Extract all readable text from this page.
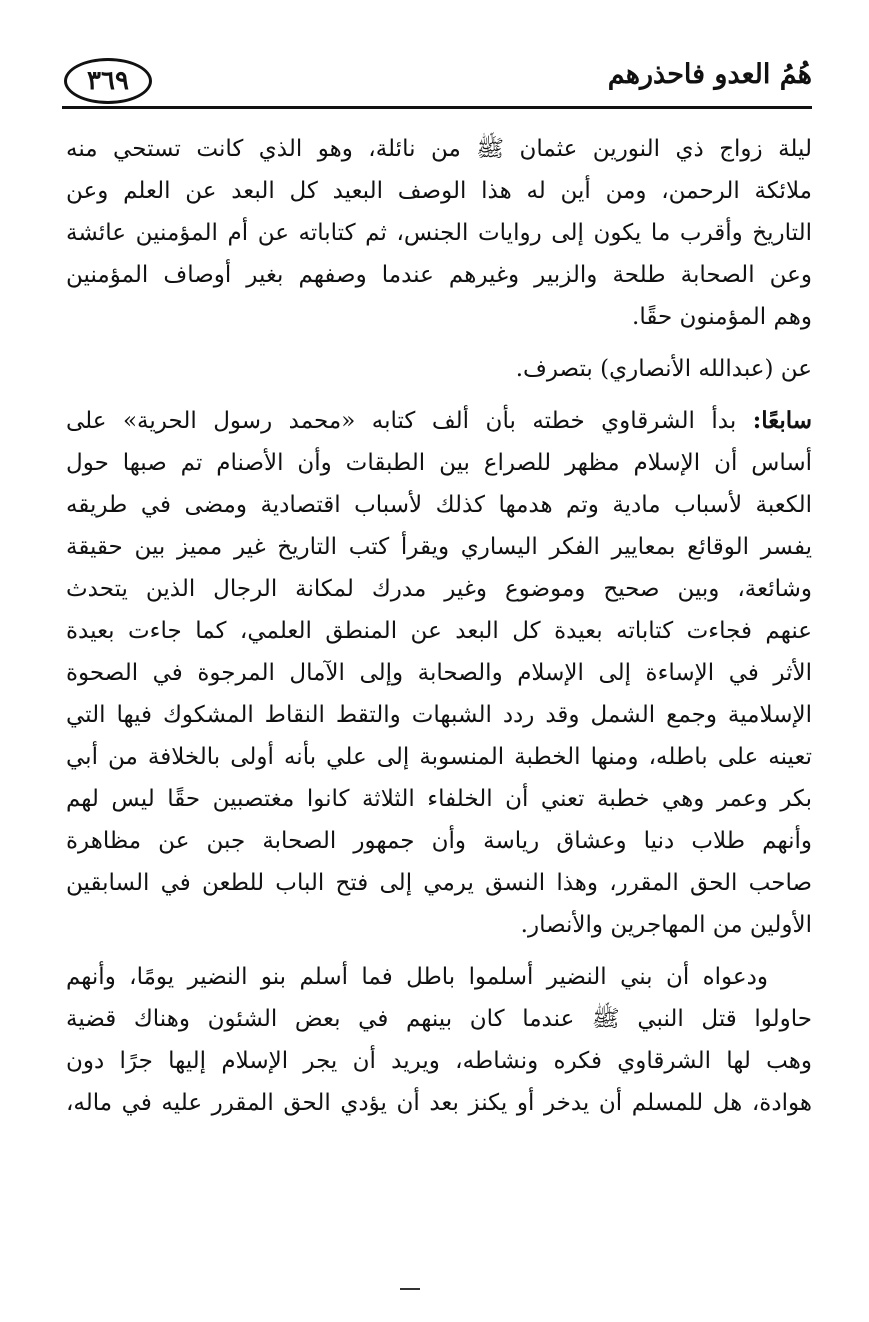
هُمُ العدو فاحذرهم
٣٦٩
ليلة زواج ذي النورين عثمان ﷺ من نائلة، وهو الذي كانت تستحي منه
ملائكة الرحمن، ومن أين له هذا الوصف البعيد كل البعد عن العلم وعن
التاريخ وأقرب ما يكون إلى روايات الجنس، ثم كتاباته عن أم المؤمنين عائشة
وعن الصحابة طلحة والزبير وغيرهم عندما وصفهم بغير أوصاف المؤمنين
وهم المؤمنون حقًا.
عن (عبدالله الأنصاري) بتصرف.
سابعًا: بدأ الشرقاوي خطته بأن ألف كتابه «محمد رسول الحرية» على
أساس أن الإسلام مظهر للصراع بين الطبقات وأن الأصنام تم صبها حول
الكعبة لأسباب مادية وتم هدمها كذلك لأسباب اقتصادية ومضى في طريقه
يفسر الوقائع بمعايير الفكر اليساري ويقرأ كتب التاريخ غير مميز بين حقيقة
وشائعة، وبين صحيح وموضوع وغير مدرك لمكانة الرجال الذين يتحدث
عنهم فجاءت كتاباته بعيدة كل البعد عن المنطق العلمي، كما جاءت بعيدة
الأثر في الإساءة إلى الإسلام والصحابة وإلى الآمال المرجوة في الصحوة
الإسلامية وجمع الشمل وقد ردد الشبهات والتقط النقاط المشكوك فيها التي
تعينه على باطله، ومنها الخطبة المنسوبة إلى علي بأنه أولى بالخلافة من أبي
بكر وعمر وهي خطبة تعني أن الخلفاء الثلاثة كانوا مغتصبين حقًا ليس لهم
وأنهم طلاب دنيا وعشاق رياسة وأن جمهور الصحابة جبن عن مظاهرة
صاحب الحق المقرر، وهذا النسق يرمي إلى فتح الباب للطعن في السابقين
الأولين من المهاجرين والأنصار.
ودعواه أن بني النضير أسلموا باطل فما أسلم بنو النضير يومًا، وأنهم
حاولوا قتل النبي ﷺ عندما كان بينهم في بعض الشئون وهناك قضية
وهب لها الشرقاوي فكره ونشاطه، ويريد أن يجر الإسلام إليها جرًا دون
هوادة، هل للمسلم أن يدخر أو يكنز بعد أن يؤدي الحق المقرر عليه في ماله،
